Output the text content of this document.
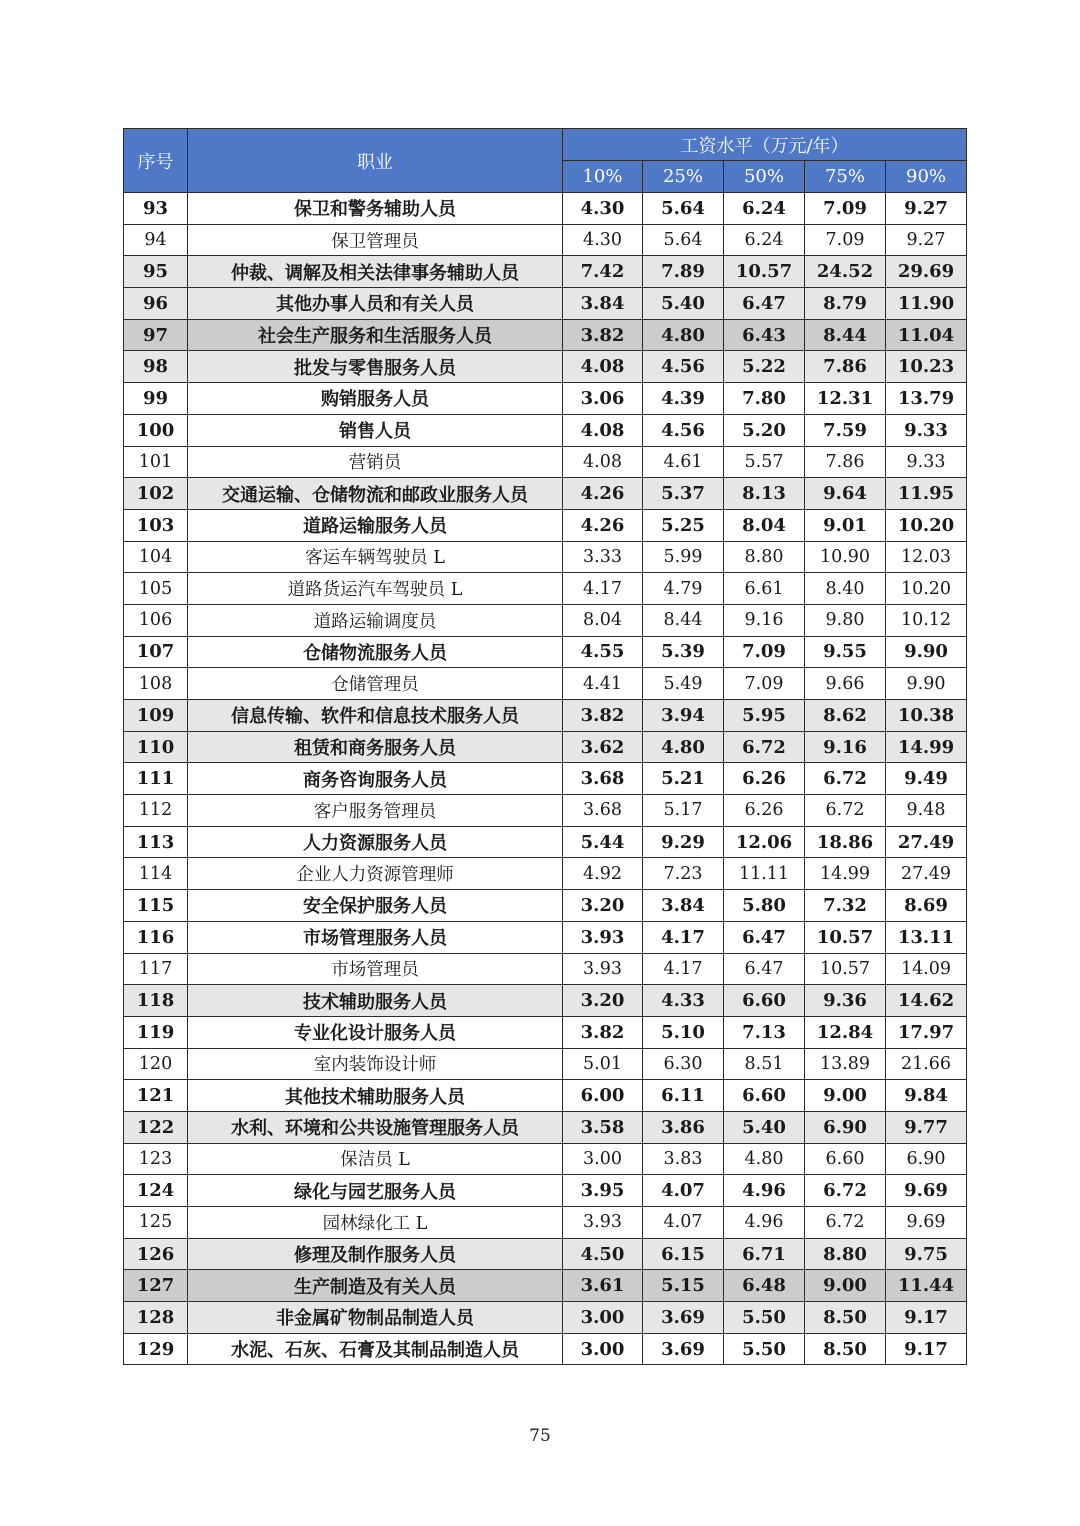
序号	职业	工资水平（万元/年）				
		10%	25%	50%	75%	90%
93	保卫和警务辅助人员	4.30	5.64	6.24	7.09	9.27
94	保卫管理员	4.30	5.64	6.24	7.09	9.27
95	仲裁、调解及相关法律事务辅助人员	7.42	7.89	10.57	24.52	29.69
96	其他办事人员和有关人员	3.84	5.40	6.47	8.79	11.90
97	社会生产服务和生活服务人员	3.82	4.80	6.43	8.44	11.04
98	批发与零售服务人员	4.08	4.56	5.22	7.86	10.23
99	购销服务人员	3.06	4.39	7.80	12.31	13.79
100	销售人员	4.08	4.56	5.20	7.59	9.33
101	营销员	4.08	4.61	5.57	7.86	9.33
102	交通运输、仓储物流和邮政业服务人员	4.26	5.37	8.13	9.64	11.95
103	道路运输服务人员	4.26	5.25	8.04	9.01	10.20
104	客运车辆驾驶员 L	3.33	5.99	8.80	10.90	12.03
105	道路货运汽车驾驶员 L	4.17	4.79	6.61	8.40	10.20
106	道路运输调度员	8.04	8.44	9.16	9.80	10.12
107	仓储物流服务人员	4.55	5.39	7.09	9.55	9.90
108	仓储管理员	4.41	5.49	7.09	9.66	9.90
109	信息传输、软件和信息技术服务人员	3.82	3.94	5.95	8.62	10.38
110	租赁和商务服务人员	3.62	4.80	6.72	9.16	14.99
111	商务咨询服务人员	3.68	5.21	6.26	6.72	9.49
112	客户服务管理员	3.68	5.17	6.26	6.72	9.48
113	人力资源服务人员	5.44	9.29	12.06	18.86	27.49
114	企业人力资源管理师	4.92	7.23	11.11	14.99	27.49
115	安全保护服务人员	3.20	3.84	5.80	7.32	8.69
116	市场管理服务人员	3.93	4.17	6.47	10.57	13.11
117	市场管理员	3.93	4.17	6.47	10.57	14.09
118	技术辅助服务人员	3.20	4.33	6.60	9.36	14.62
119	专业化设计服务人员	3.82	5.10	7.13	12.84	17.97
120	室内装饰设计师	5.01	6.30	8.51	13.89	21.66
121	其他技术辅助服务人员	6.00	6.11	6.60	9.00	9.84
122	水利、环境和公共设施管理服务人员	3.58	3.86	5.40	6.90	9.77
123	保洁员 L	3.00	3.83	4.80	6.60	6.90
124	绿化与园艺服务人员	3.95	4.07	4.96	6.72	9.69
125	园林绿化工 L	3.93	4.07	4.96	6.72	9.69
126	修理及制作服务人员	4.50	6.15	6.71	8.80	9.75
127	生产制造及有关人员	3.61	5.15	6.48	9.00	11.44
128	非金属矿物制品制造人员	3.00	3.69	5.50	8.50	9.17
129	水泥、石灰、石膏及其制品制造人员	3.00	3.69	5.50	8.50	9.17
75
